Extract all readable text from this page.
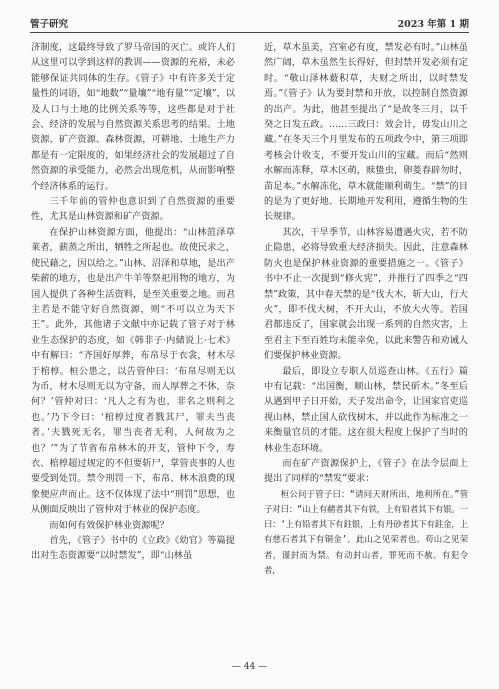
管子研究	2023 年第 1 期

济制度，这最终导致了罗马帝国的灭亡。或许人们从这里可以学到这样的教训——资源的充裕，未必能够保证共同体的生存。《管子》中有许多关于定量性的词语，如“地数”“量壤”“地有量”“定壤”，以及人口与土地的比例关系等等，这些都是对于社会、经济的发展与自然资源关系思考的结果。土地资源、矿产资源、森林资源，可耕地、土地生产力都是有一定限度的，如果经济社会的发展超过了自然资源的承受能力，必然会出现危机，从而影响整个经济体系的运行。

三千年前的管仲也意识到了自然资源的重要性，尤其是山林资源和矿产资源。

在保护山林资源方面，他提出：“山林菹泽草莱者，薪蒸之所出，牺牲之所起也。故使民求之，使民藉之，因以给之。”山林、沼泽和草地，是出产柴薪的地方，也是出产牛羊等祭祀用物的地方，为国人提供了各种生活资料，是至关重要之地。而君主若是不能守好自然资源，则“不可以立为天下王”。此外，其他诸子文献中亦记载了管子对于林业生态保护的态度，如《韩非子·内储说上·七术》中有解曰：“齐国好厚葬，布帛尽于衣衾，材木尽于棺椁。桓公患之，以告管仲曰：‘布帛尽则无以为币，材木尽则无以为守备，而人厚葬之不休，奈何？’管仲对曰：‘凡人之有为也，非名之则利之也。’乃下令曰：‘棺椁过度者戮其尸，罪夫当丧者。’夫戮死无名，罪当丧者无利，人何故为之也？’”为了节省布帛林木的开支，管仲下令，寿衣、棺椁超过规定的不但要斩尸，掌管丧事的人也要受到处罚。禁令刑罚一下，布帛、林木浪费的现象便应声而止。这不仅体现了法中“刑罚”思想，也从侧面反映出了管仲对于林业的保护态度。

而如何有效保护林业资源呢？

首先，《管子》书中的《立政》《幼官》等篇提出对生态资源要“以时禁发”，即“山林虽

近，草木虽美，宫室必有度，禁发必有时。”山林虽然广阔，草木虽然生长得好，但封禁开发必须有定时。“敬山泽林薮积草，夫财之所出，以时禁发焉。”《管子》认为要封禁和开放，以控制自然资源的出产。为此，他甚至提出了“是故冬三月，以千癸之日发五政。……三政曰：效会计，毋发山川之藏。”在冬天三个月里发布的五项政令中，第三项即考核会计收支，不要开发山川的宝藏。而后“然则水解而冻释，草木区萌，赎蛰虫，卵菱春辟勿时，苗足本。”水解冻化，草木就能顺利萌生。“禁”的目的是为了更好地、长期地开发利用，遵循生物的生长规律。

其次，干旱季节，山林容易遭遇火灾，若不防止隐患，必将导致重大经济损失。因此，注意森林防火也是保护林业资源的重要措施之一。《管子》书中不止一次提到“修火宪”，并推行了四季之“四禁”政策，其中春天禁的是“伐大木，斩大山，行大火”，即不伐大树，不开大山，不放大火等。若国君都违反了，国家就会出现一系列的自然灾害，上至君主下至百姓均未能幸免，以此来警告和劝诫人们要保护林业资源。

最后，即设立专职人员巡查山林。《五行》篇中有记载：“出国衡，顺山林，禁民斫木。”冬至后从遇到甲子日开始，天子发出命令，让国家官吏巡视山林，禁止国人砍伐树木，并以此作为标准之一来衡量官员的才能。这在很大程度上保护了当时的林业生态环境。

而在矿产资源保护上，《管子》在法令层面上提出了同样的“禁发”要求：

桓公问于管子曰：“请问天财所出，地利所在。”管子对曰：“山上有赭者其下有铁，上有铅者其下有银。一曰：‘上有铅者其下有鉒银，上有丹砂者其下有鉒金，上有慈石者其下有铜金’。此山之见荣者也。苟山之见荣者，谨封而为禁。有动封山者，罪死而不赦。有犯令者，

— 44 —
